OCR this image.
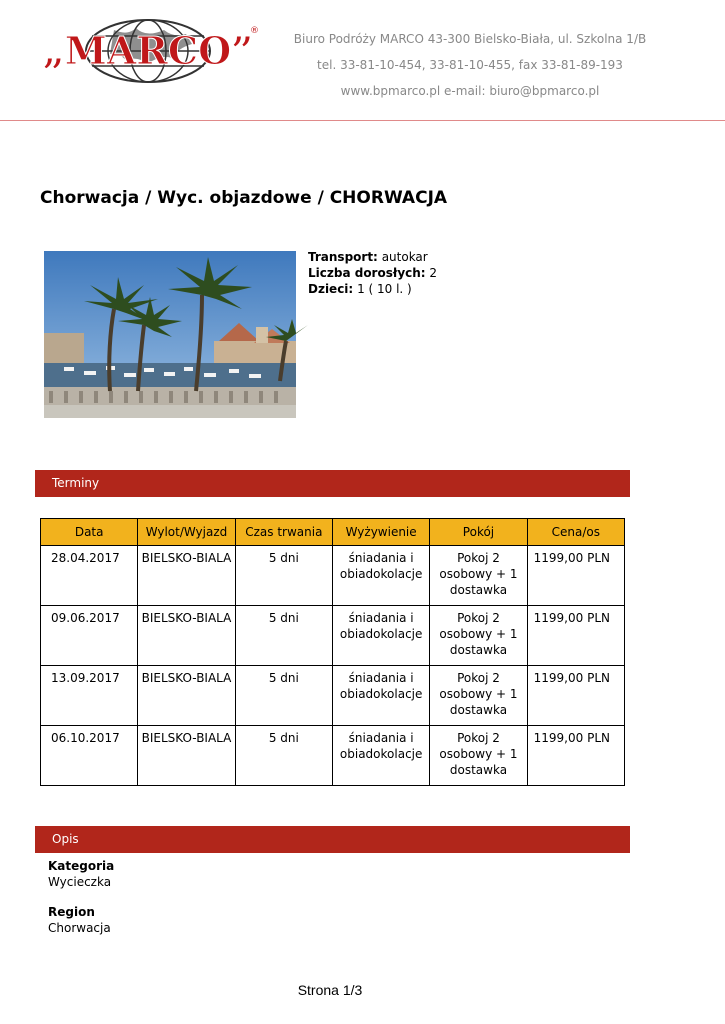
„MARCO”
®
Biuro Podróży MARCO 43-300 Bielsko-Biała, ul. Szkolna 1/B
tel. 33-81-10-454, 33-81-10-455, fax 33-81-89-193
www.bpmarco.pl e-mail: biuro@bpmarco.pl
Chorwacja / Wyc. objazdowe / CHORWACJA
Transport: autokar
Liczba dorosłych: 2
Dzieci: 1 ( 10 l. )
Terminy
Data	Wylot/Wyjazd	Czas trwania	Wyżywienie	Pokój	Cena/os
28.04.2017	BIELSKO-BIALA	5 dni	śniadania i obiadokolacje	Pokoj 2 osobowy + 1 dostawka	1199,00 PLN
09.06.2017	BIELSKO-BIALA	5 dni	śniadania i obiadokolacje	Pokoj 2 osobowy + 1 dostawka	1199,00 PLN
13.09.2017	BIELSKO-BIALA	5 dni	śniadania i obiadokolacje	Pokoj 2 osobowy + 1 dostawka	1199,00 PLN
06.10.2017	BIELSKO-BIALA	5 dni	śniadania i obiadokolacje	Pokoj 2 osobowy + 1 dostawka	1199,00 PLN
Opis
Kategoria
Wycieczka
Region
Chorwacja
Strona 1/3
